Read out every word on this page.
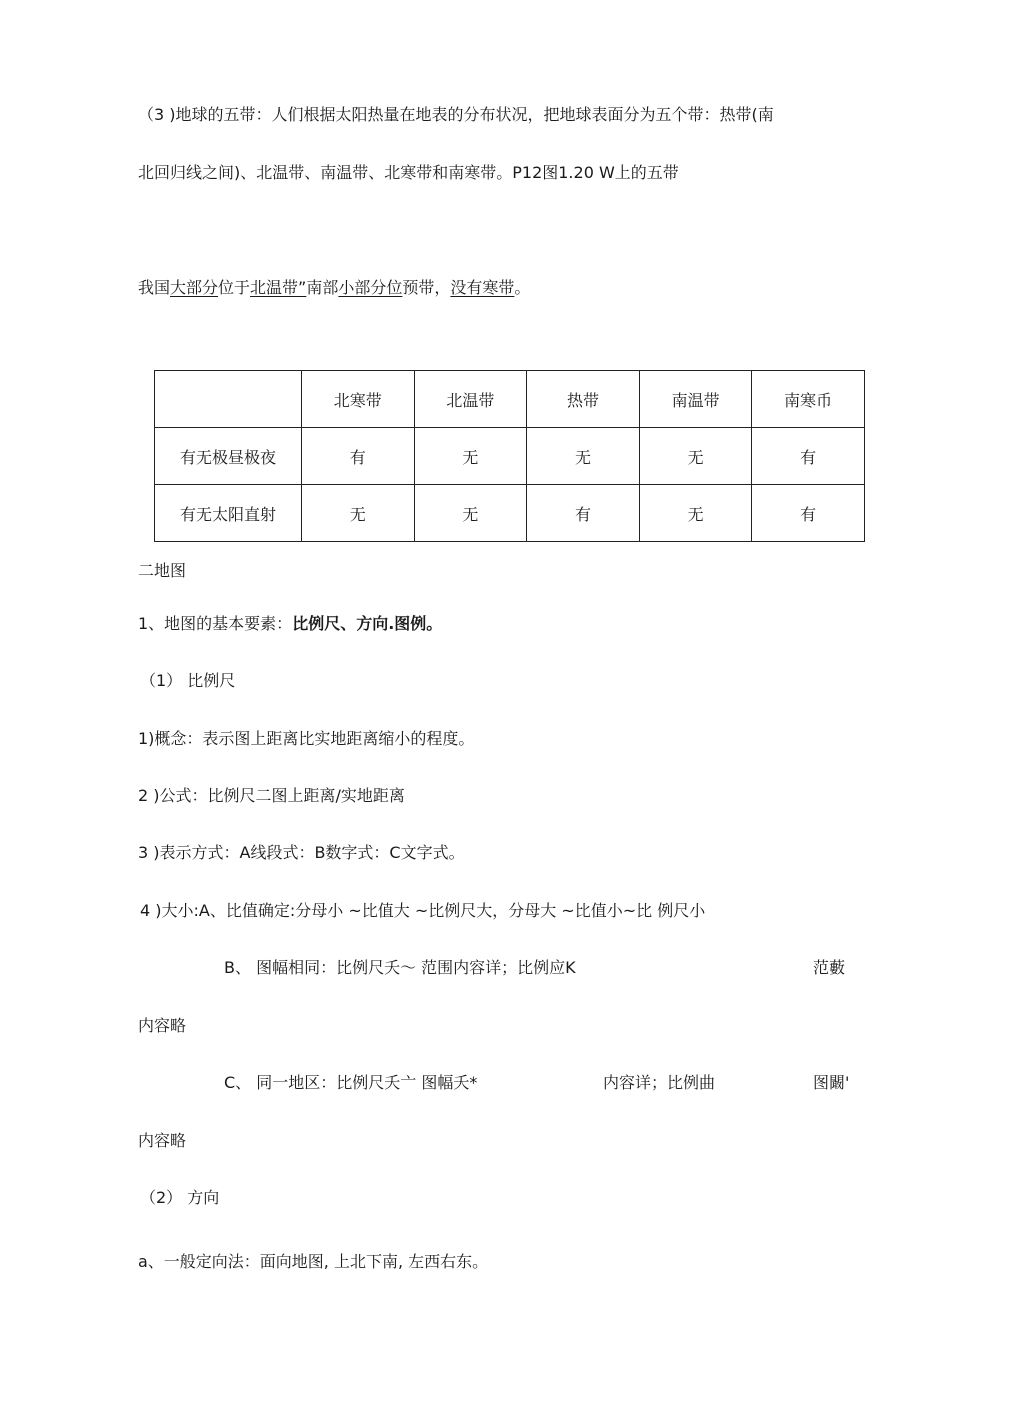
（3 )地球的五带：人们根据太阳热量在地表的分布状况，把地球表面分为五个带：热带(南
北回归线之间)、北温带、南温带、北寒带和南寒带。P12图1.20 W上的五带
我国大部分位于北温带”南部小部分位预带，没有寒带。
	北寒带	北温带	热带	南温带	南寒币
有无极昼极夜	有	无	无	无	有
有无太阳直射	无	无	有	无	有
二地图
1、地图的基本要素：比例尺、方向.图例。
（1） 比例尺
1)概念：表示图上距离比实地距离缩小的程度。
2 )公式：比例尺二图上距离/实地距离
3 )表示方式：A线段式：B数字式：C文字式。
4 )大小:A、比值确定:分母小 ~比值大 ~比例尺大，分母大 ~比值小~比 例尺小
B、 图幅相同：比例尺夭～ 范围内容详；比例应K	范藪
内容略
C、 同一地区：比例尺夭亠 图幅夭*	内容详；比例曲	图闞'
内容略
（2） 方向
a、一般定向法：面向地图, 上北下南, 左西右东。
